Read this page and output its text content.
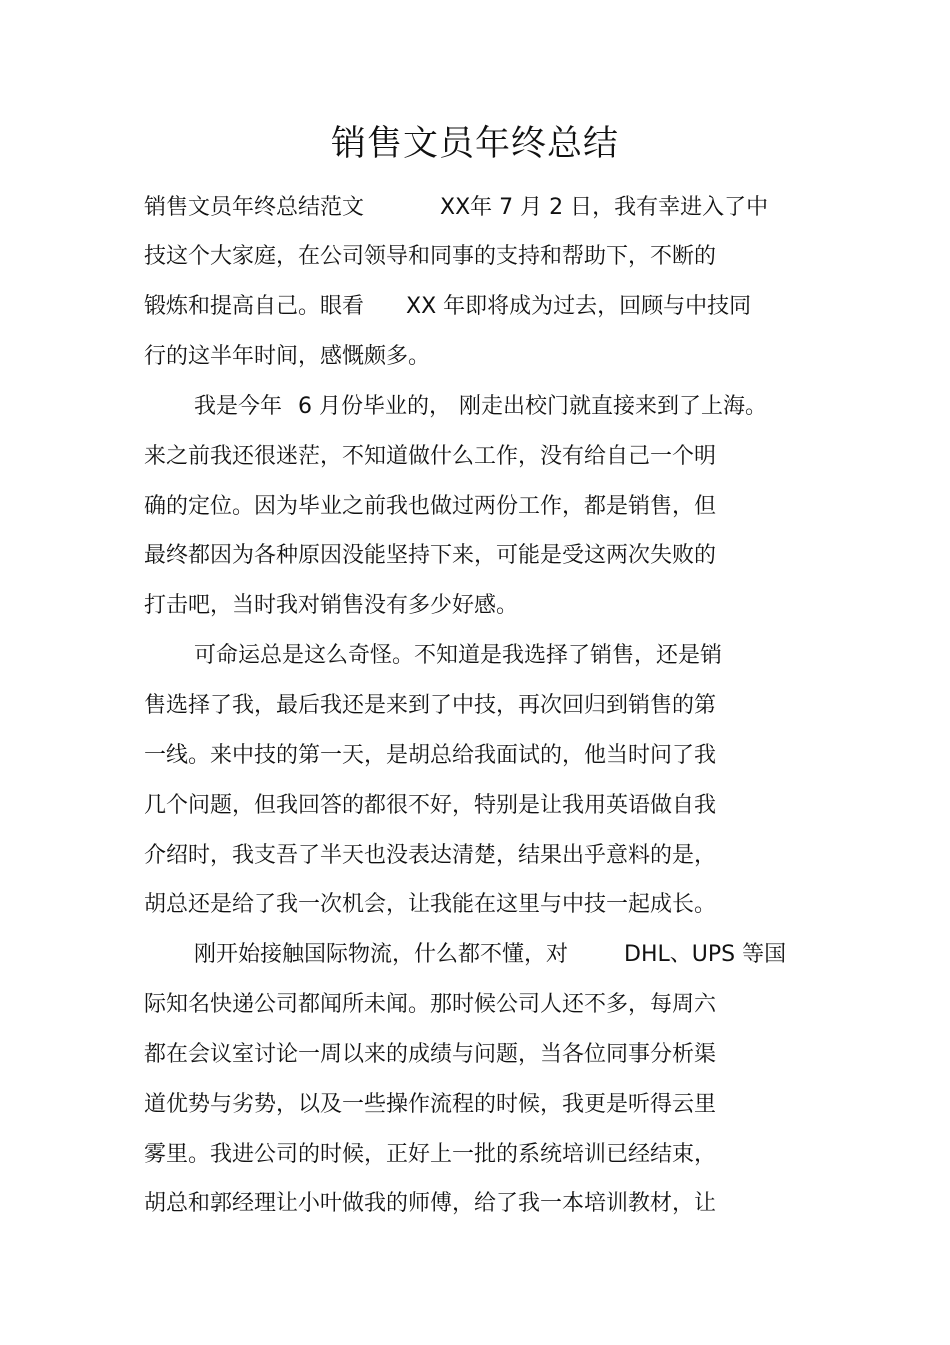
销售文员年终总结
销售文员年终总结范文	XX年 7 月 2 日，我有幸进入了中
技这个大家庭，在公司领导和同事的支持和帮助下，不断的
锻炼和提高自己。眼看 XX 年即将成为过去，回顾与中技同
行的这半年时间，感慨颇多。
我是今年 6 月份毕业的， 刚走出校门就直接来到了上海。
来之前我还很迷茫，不知道做什么工作，没有给自己一个明
确的定位。因为毕业之前我也做过两份工作，都是销售，但
最终都因为各种原因没能坚持下来，可能是受这两次失败的
打击吧，当时我对销售没有多少好感。
可命运总是这么奇怪。不知道是我选择了销售，还是销
售选择了我，最后我还是来到了中技，再次回归到销售的第
一线。来中技的第一天，是胡总给我面试的，他当时问了我
几个问题，但我回答的都很不好，特别是让我用英语做自我
介绍时，我支吾了半天也没表达清楚，结果出乎意料的是，
胡总还是给了我一次机会，让我能在这里与中技一起成长。
刚开始接触国际物流，什么都不懂，对	DHL、UPS 等国
际知名快递公司都闻所未闻。那时候公司人还不多，每周六
都在会议室讨论一周以来的成绩与问题，当各位同事分析渠
道优势与劣势，以及一些操作流程的时候，我更是听得云里
雾里。我进公司的时候，正好上一批的系统培训已经结束，
胡总和郭经理让小叶做我的师傅，给了我一本培训教材，让
